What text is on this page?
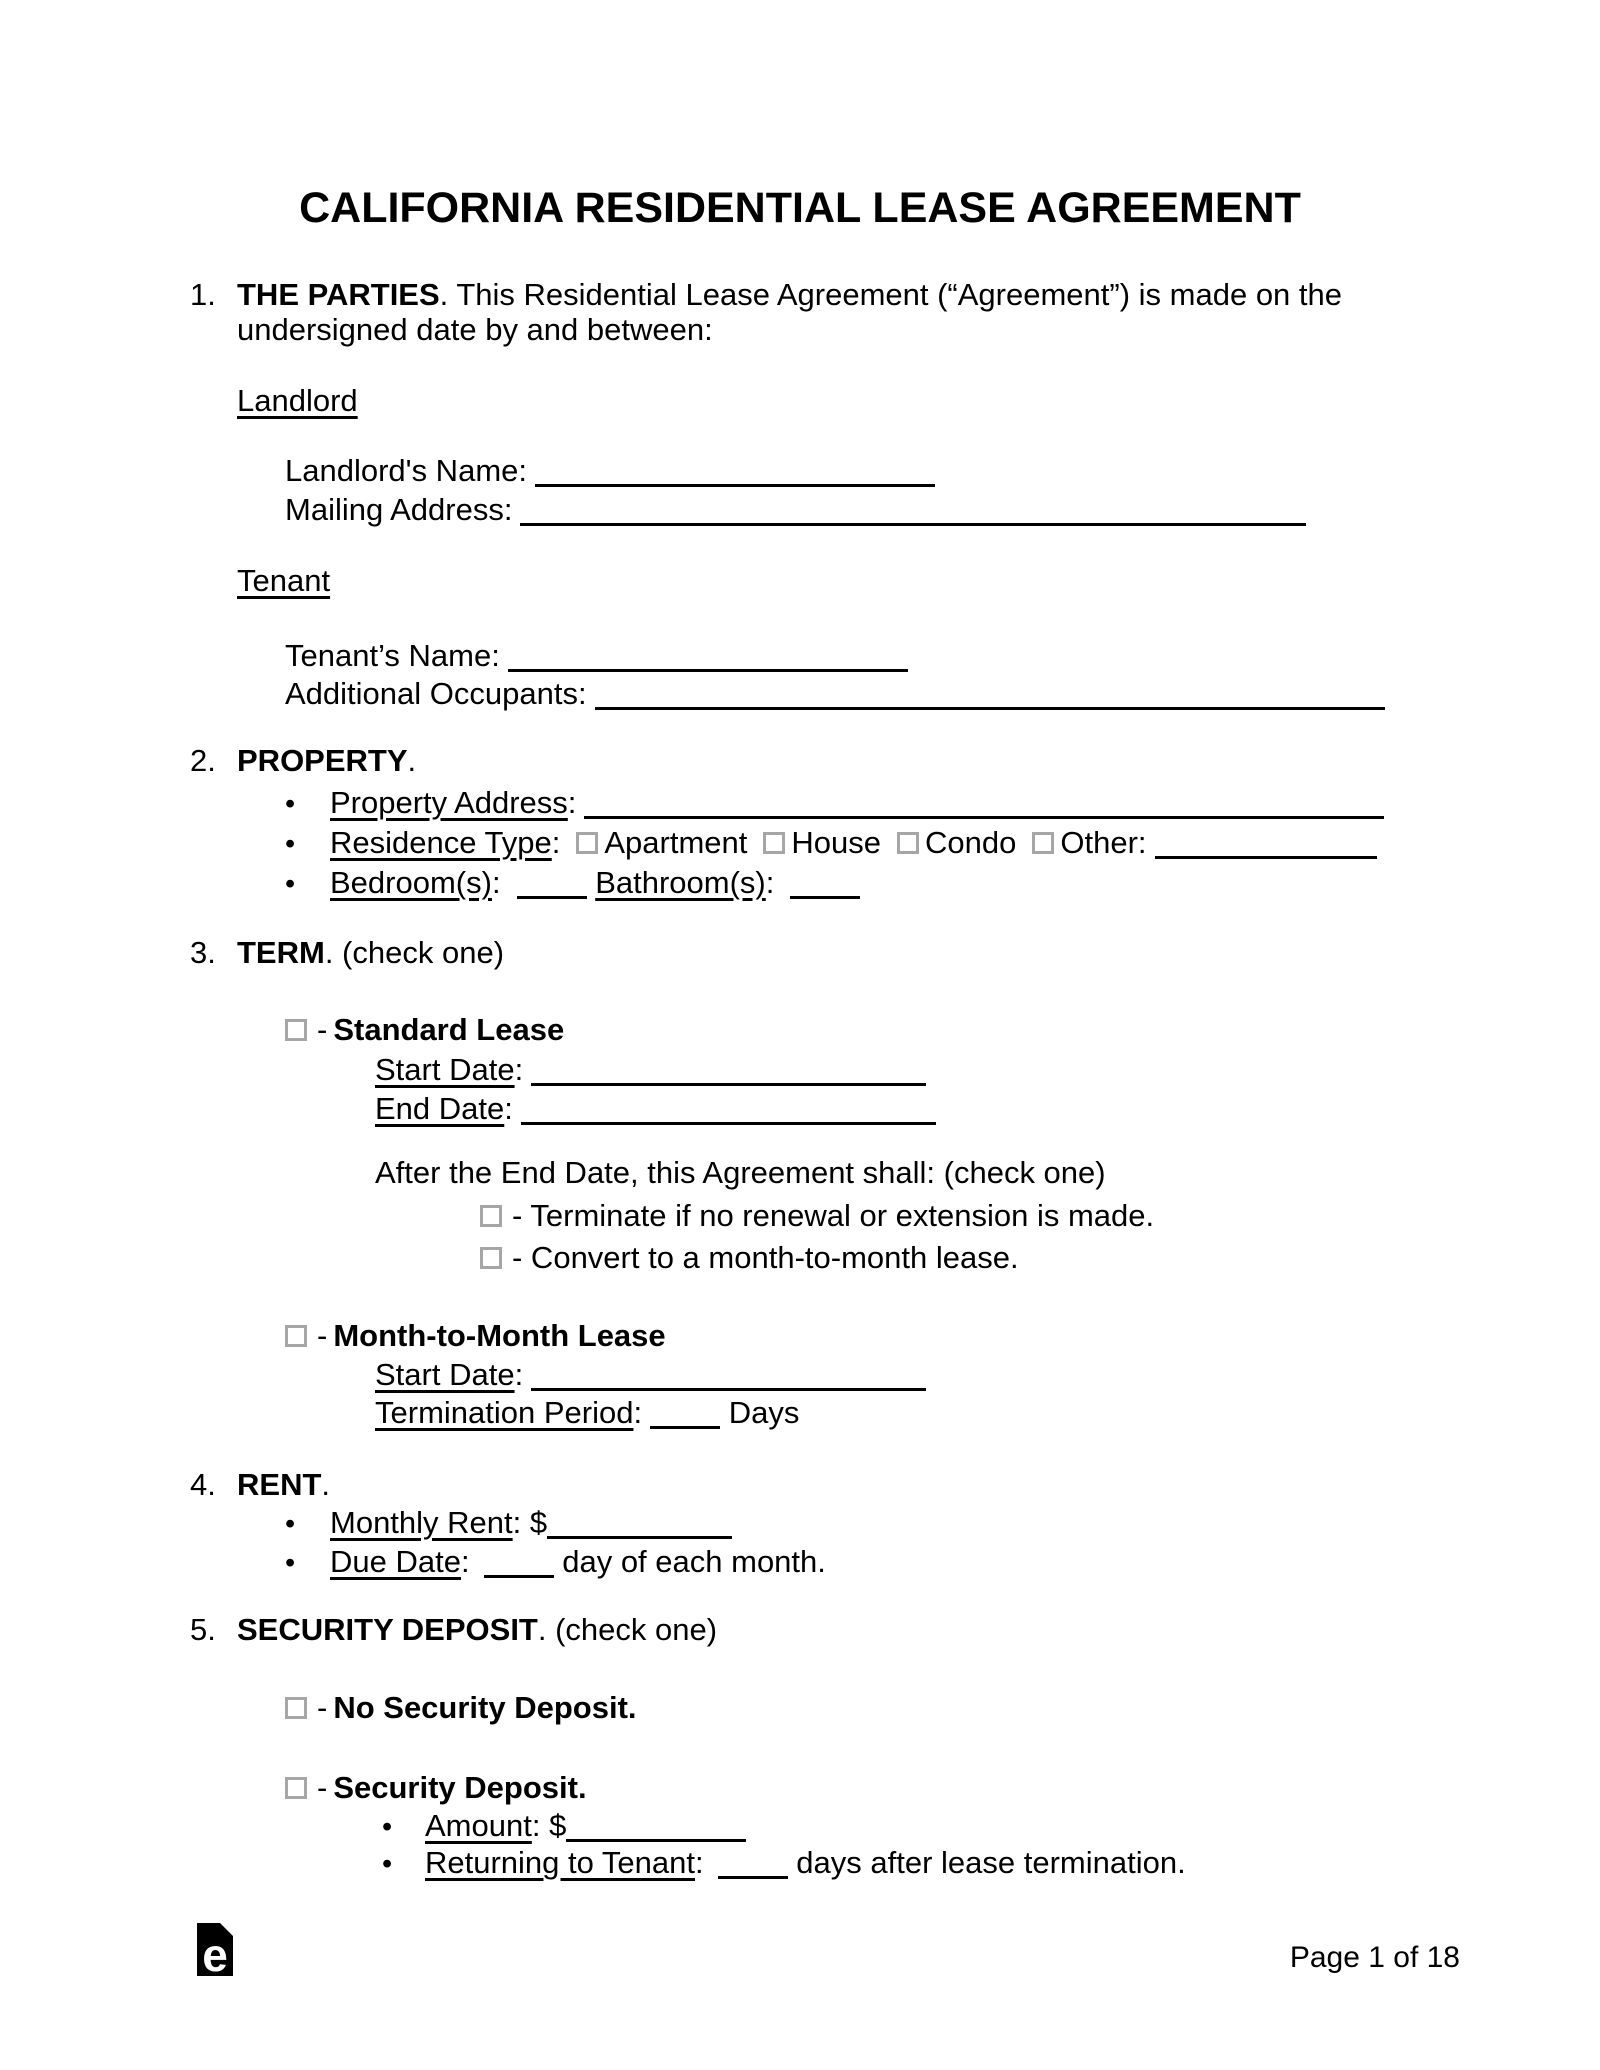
CALIFORNIA RESIDENTIAL LEASE AGREEMENT
1. THE PARTIES. This Residential Lease Agreement (“Agreement”) is made on the
undersigned date by and between:
Landlord
Landlord's Name:
Mailing Address:
Tenant
Tenant’s Name:
Additional Occupants:
2. PROPERTY.
• Property Address:
• Residence Type: Apartment House Condo Other:
• Bedroom(s):	Bathroom(s):
3. TERM. (check one)
- Standard Lease
Start Date:
End Date:
After the End Date, this Agreement shall: (check one)
- Terminate if no renewal or extension is made.
- Convert to a month-to-month lease.
- Month-to-Month Lease
Start Date:
Termination Period:	Days
4. RENT.
• Monthly Rent: $
• Due Date:	day of each month.
5. SECURITY DEPOSIT. (check one)
- No Security Deposit.
- Security Deposit.
• Amount: $
• Returning to Tenant:	days after lease termination.
e	Page 1 of 18
